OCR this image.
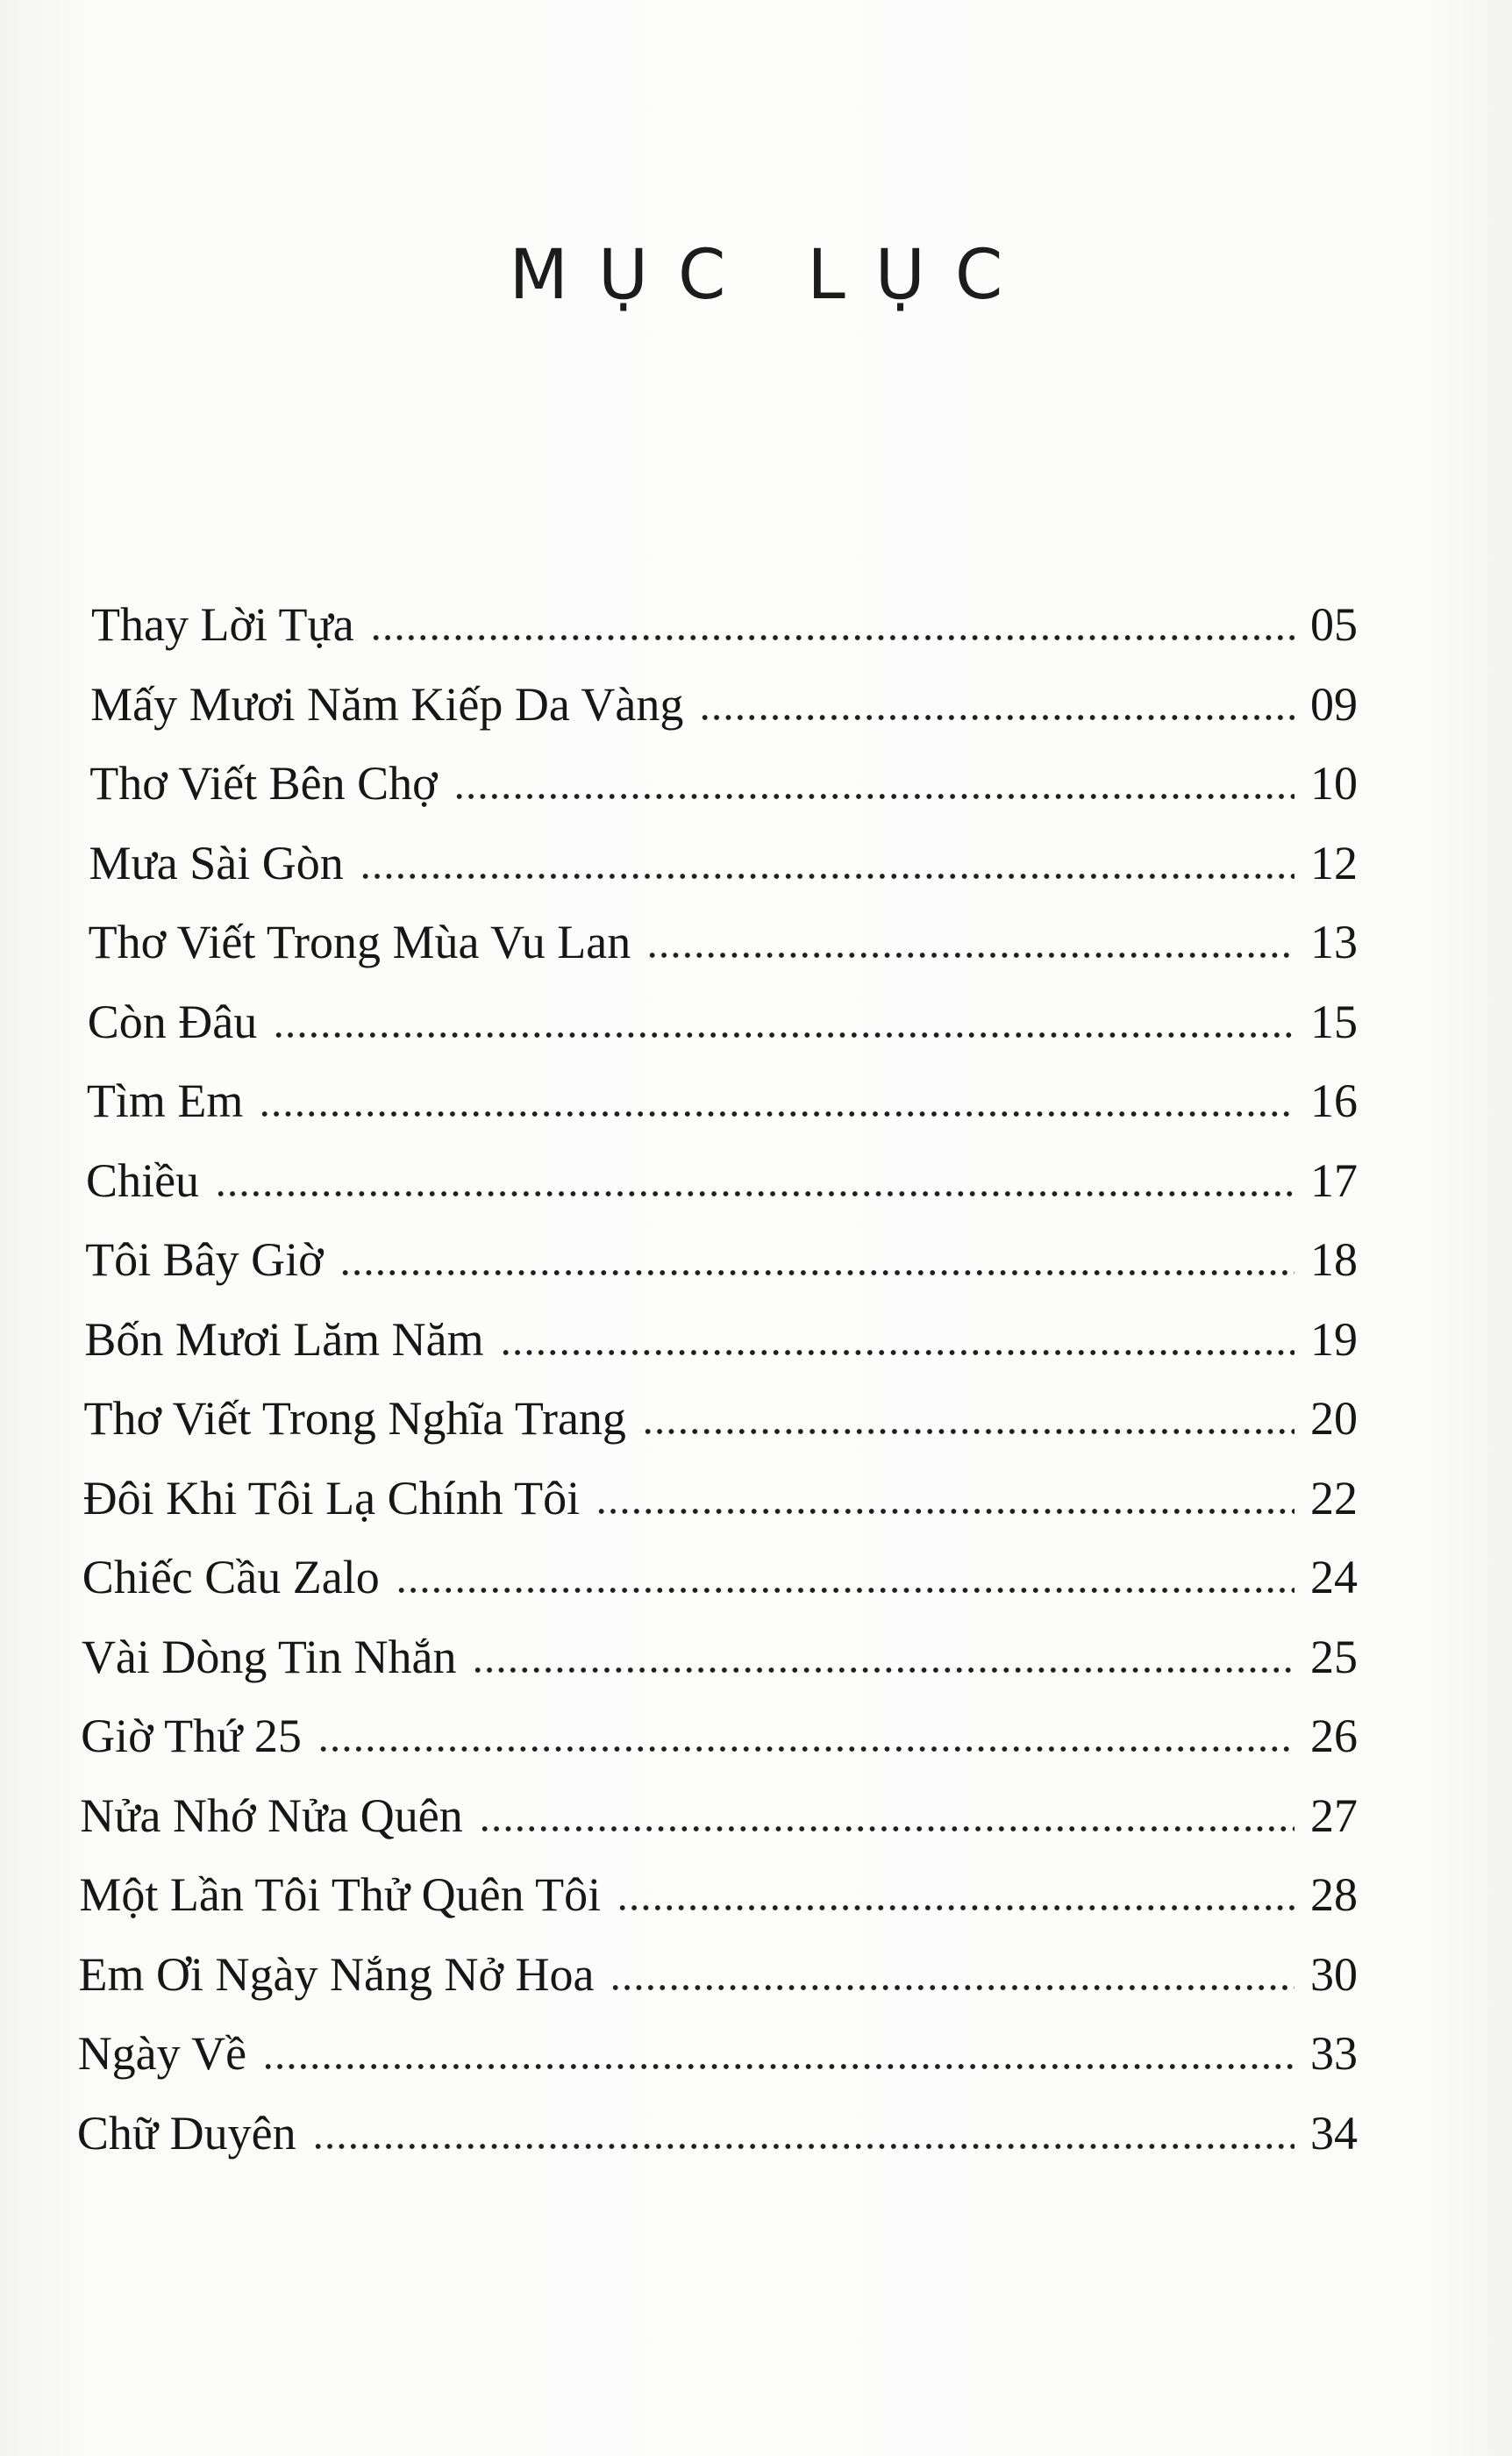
MỤC LỤC
Thay Lời Tựa	05
Mấy Mươi Năm Kiếp Da Vàng	09
Thơ Viết Bên Chợ	10
Mưa Sài Gòn	12
Thơ Viết Trong Mùa Vu Lan	13
Còn Đâu	15
Tìm Em	16
Chiều	17
Tôi Bây Giờ	18
Bốn Mươi Lăm Năm	19
Thơ Viết Trong Nghĩa Trang	20
Đôi Khi Tôi Lạ Chính Tôi	22
Chiếc Cầu Zalo	24
Vài Dòng Tin Nhắn	25
Giờ Thứ 25	26
Nửa Nhớ Nửa Quên	27
Một Lần Tôi Thử Quên Tôi	28
Em Ơi Ngày Nắng Nở Hoa	30
Ngày Về	33
Chữ Duyên	34
